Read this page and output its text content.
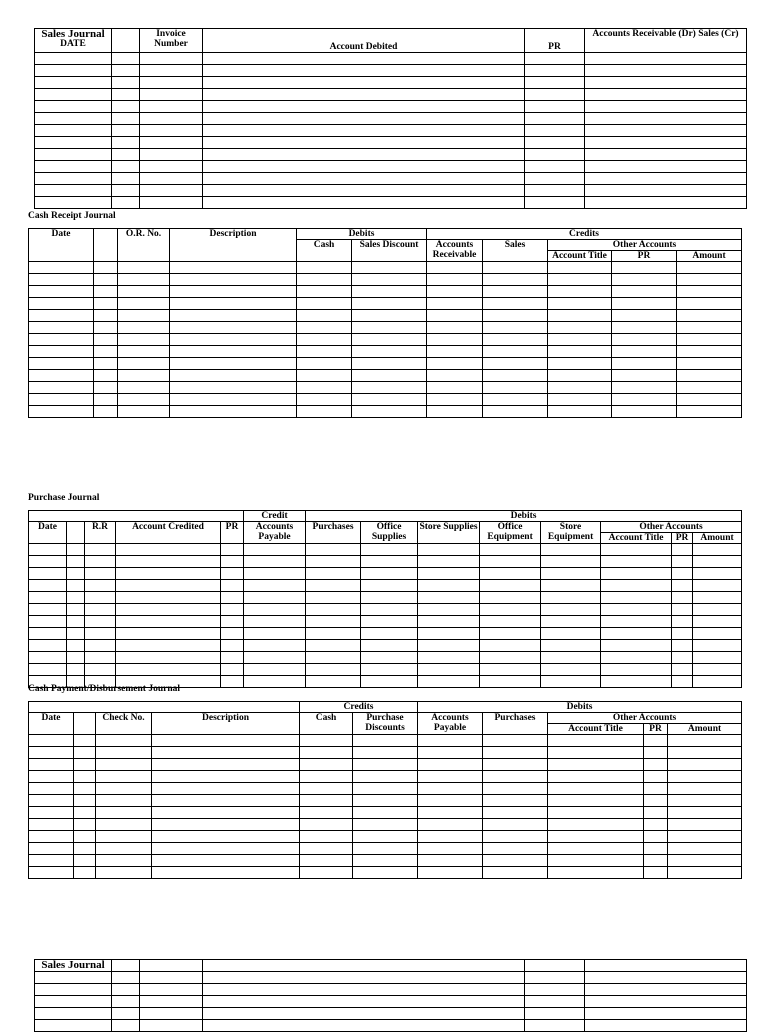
Sales Journal
DATE		Invoice Number	Account Debited	PR	Accounts Receivable (Dr) Sales (Cr)

Cash Receipt Journal
Date		O.R. No.	Description	Debits		Credits				
				Cash	Sales Discount	Accounts Receivable	Sales	Other Accounts		
								Account Title	PR	Amount

Purchase Journal
					Credit	Debits							
Date		R.R	Account Credited	PR	Accounts Payable	Purchases	Office Supplies	Store Supplies	Office Equipment	Store Equipment	Other Accounts		
											Account Title	PR	Amount

Cash Payment/Disbursement Journal
				Credits		Debits				
Date		Check No.	Description	Cash	Purchase Discounts	Accounts Payable	Purchases	Other Accounts		
								Account Title	PR	Amount

Sales Journal					
